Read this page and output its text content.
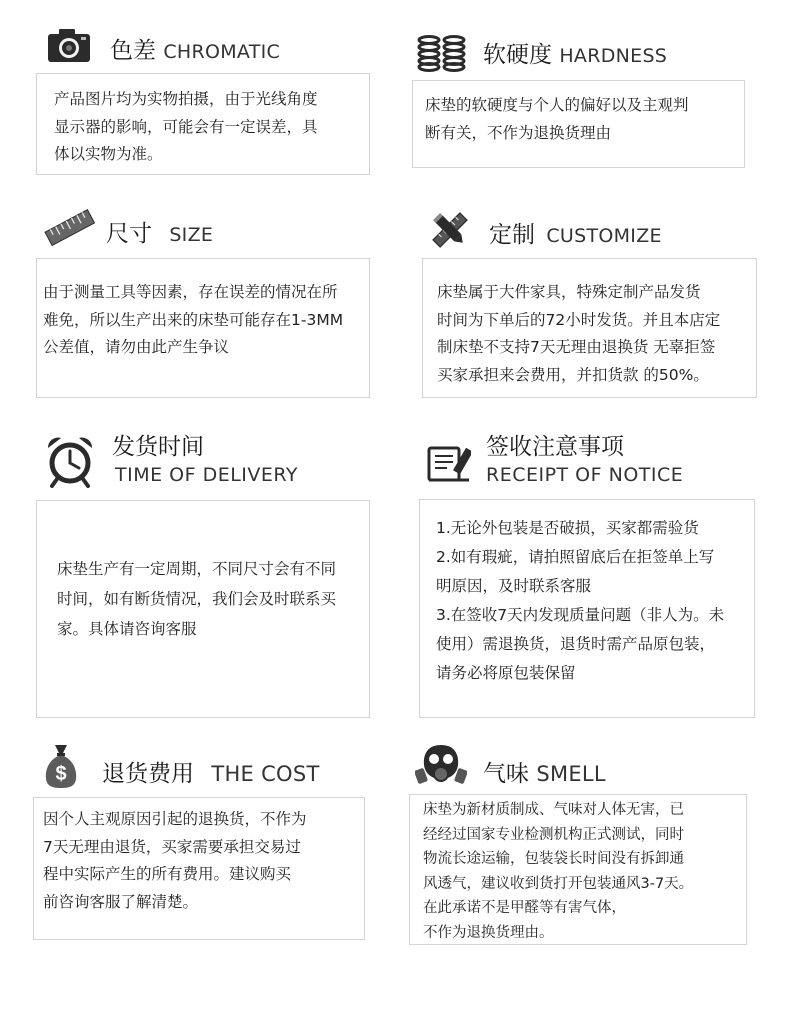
色差 CHROMATIC

产品图片均为实物拍摄，由于光线角度

显示器的影响，可能会有一定误差，具

体以实物为准。

软硬度 HARDNESS

床垫的软硬度与个人的偏好以及主观判

断有关，不作为退换货理由

尺寸 SIZE

由于测量工具等因素，存在误差的情况在所

难免，所以生产出来的床垫可能存在1-3MM

公差值，请勿由此产生争议

定制 CUSTOMIZE

床垫属于大件家具，特殊定制产品发货

时间为下单后的72小时发货。并且本店定

制床垫不支持7天无理由退换货 无辜拒签

买家承担来会费用，并扣货款 的50%。

发货时间
TIME OF DELIVERY

床垫生产有一定周期，不同尺寸会有不同

时间，如有断货情况，我们会及时联系买

家。具体请咨询客服

签收注意事项
RECEIPT OF NOTICE

1.无论外包装是否破损，买家都需验货

2.如有瑕疵，请拍照留底后在拒签单上写

明原因，及时联系客服

3.在签收7天内发现质量问题（非人为。未

使用）需退换货，退货时需产品原包装，

请务必将原包装保留

$ 退货费用 THE COST

因个人主观原因引起的退换货，不作为

7天无理由退货，买家需要承担交易过

程中实际产生的所有费用。建议购买

前咨询客服了解清楚。

气味 SMELL

床垫为新材质制成、气味对人体无害，已

经经过国家专业检测机构正式测试，同时

物流长途运输，包装袋长时间没有拆卸通

风透气，建议收到货打开包装通风3-7天。

在此承诺不是甲醛等有害气体，

不作为退换货理由。
